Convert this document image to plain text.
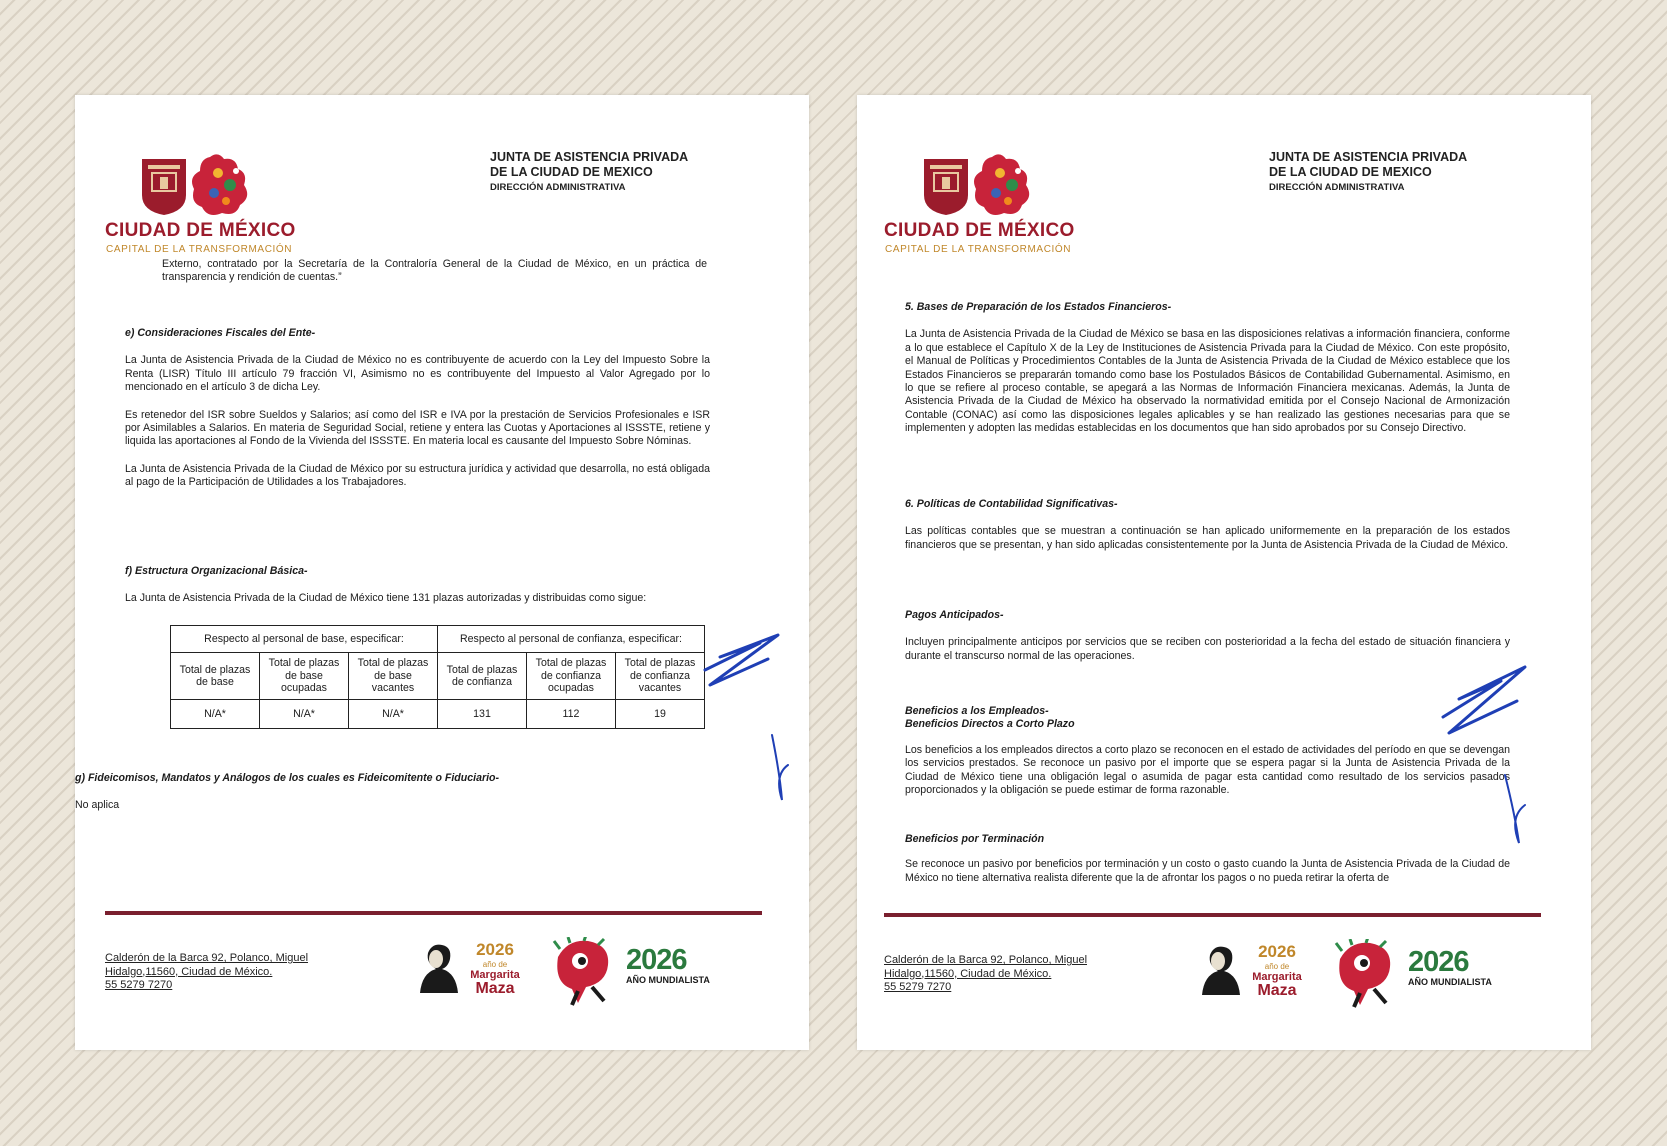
CIUDAD DE MÉXICO
CAPITAL DE LA TRANSFORMACIÓN
JUNTA DE ASISTENCIA PRIVADA
DE LA CIUDAD DE MEXICO
DIRECCIÓN ADMINISTRATIVA
Externo, contratado por la Secretaría de la Contraloría General de la Ciudad de México, en un práctica de transparencia y rendición de cuentas.”

e) Consideraciones Fiscales del Ente-

La Junta de Asistencia Privada de la Ciudad de México no es contribuyente de acuerdo con la Ley del Impuesto Sobre la Renta (LISR) Título III artículo 79 fracción VI, Asimismo no es contribuyente del Impuesto al Valor Agregado por lo mencionado en el artículo 3 de dicha Ley.

Es retenedor del ISR sobre Sueldos y Salarios; así como del ISR e IVA por la prestación de Servicios Profesionales e ISR por Asimilables a Salarios. En materia de Seguridad Social, retiene y entera las Cuotas y Aportaciones al ISSSTE, retiene y liquida las aportaciones al Fondo de la Vivienda del ISSSTE. En materia local es causante del Impuesto Sobre Nóminas.

La Junta de Asistencia Privada de la Ciudad de México por su estructura jurídica y actividad que desarrolla, no está obligada al pago de la Participación de Utilidades a los Trabajadores.

f) Estructura Organizacional Básica-

La Junta de Asistencia Privada de la Ciudad de México tiene 131 plazas autorizadas y distribuidas como sigue:

Respecto al personal de base, especificar:			Respecto al personal de confianza, especificar:		
Total de plazas de base	Total de plazas de base ocupadas	Total de plazas de base vacantes	Total de plazas de confianza	Total de plazas de confianza ocupadas	Total de plazas de confianza vacantes
N/A*	N/A*	N/A*	131	112	19

g) Fideicomisos, Mandatos y Análogos de los cuales es Fideicomitente o Fiduciario-

No aplica

Calderón de la Barca 92, Polanco, Miguel
Hidalgo,11560, Ciudad de México.
55 5279 7270
2026
año de
Margarita
Maza
2026
AÑO MUNDIALISTA
CIUDAD DE MÉXICO
CAPITAL DE LA TRANSFORMACIÓN
JUNTA DE ASISTENCIA PRIVADA
DE LA CIUDAD DE MEXICO
DIRECCIÓN ADMINISTRATIVA

5. Bases de Preparación de los Estados Financieros-

La Junta de Asistencia Privada de la Ciudad de México se basa en las disposiciones relativas a información financiera, conforme a lo que establece el Capítulo X de la Ley de Instituciones de Asistencia Privada para la Ciudad de México. Con este propósito, el Manual de Políticas y Procedimientos Contables de la Junta de Asistencia Privada de la Ciudad de México establece que los Estados Financieros se prepararán tomando como base los Postulados Básicos de Contabilidad Gubernamental. Asimismo, en lo que se refiere al proceso contable, se apegará a las Normas de Información Financiera mexicanas. Además, la Junta de Asistencia Privada de la Ciudad de México ha observado la normatividad emitida por el Consejo Nacional de Armonización Contable (CONAC) así como las disposiciones legales aplicables y se han realizado las gestiones necesarias para que se implementen y adopten las medidas establecidas en los documentos que han sido aprobados por su Consejo Directivo.

6. Políticas de Contabilidad Significativas-

Las políticas contables que se muestran a continuación se han aplicado uniformemente en la preparación de los estados financieros que se presentan, y han sido aplicadas consistentemente por la Junta de Asistencia Privada de la Ciudad de México.

Pagos Anticipados-

Incluyen principalmente anticipos por servicios que se reciben con posterioridad a la fecha del estado de situación financiera y durante el transcurso normal de las operaciones.

Beneficios a los Empleados-

Beneficios Directos a Corto Plazo

Los beneficios a los empleados directos a corto plazo se reconocen en el estado de actividades del período en que se devengan los servicios prestados. Se reconoce un pasivo por el importe que se espera pagar si la Junta de Asistencia Privada de la Ciudad de México tiene una obligación legal o asumida de pagar esta cantidad como resultado de los servicios pasados proporcionados y la obligación se puede estimar de forma razonable.

Beneficios por Terminación

Se reconoce un pasivo por beneficios por terminación y un costo o gasto cuando la Junta de Asistencia Privada de la Ciudad de México no tiene alternativa realista diferente que la de afrontar los pagos o no pueda retirar la oferta de

Calderón de la Barca 92, Polanco, Miguel
Hidalgo,11560, Ciudad de México.
55 5279 7270
2026
año de
Margarita
Maza
2026
AÑO MUNDIALISTA
